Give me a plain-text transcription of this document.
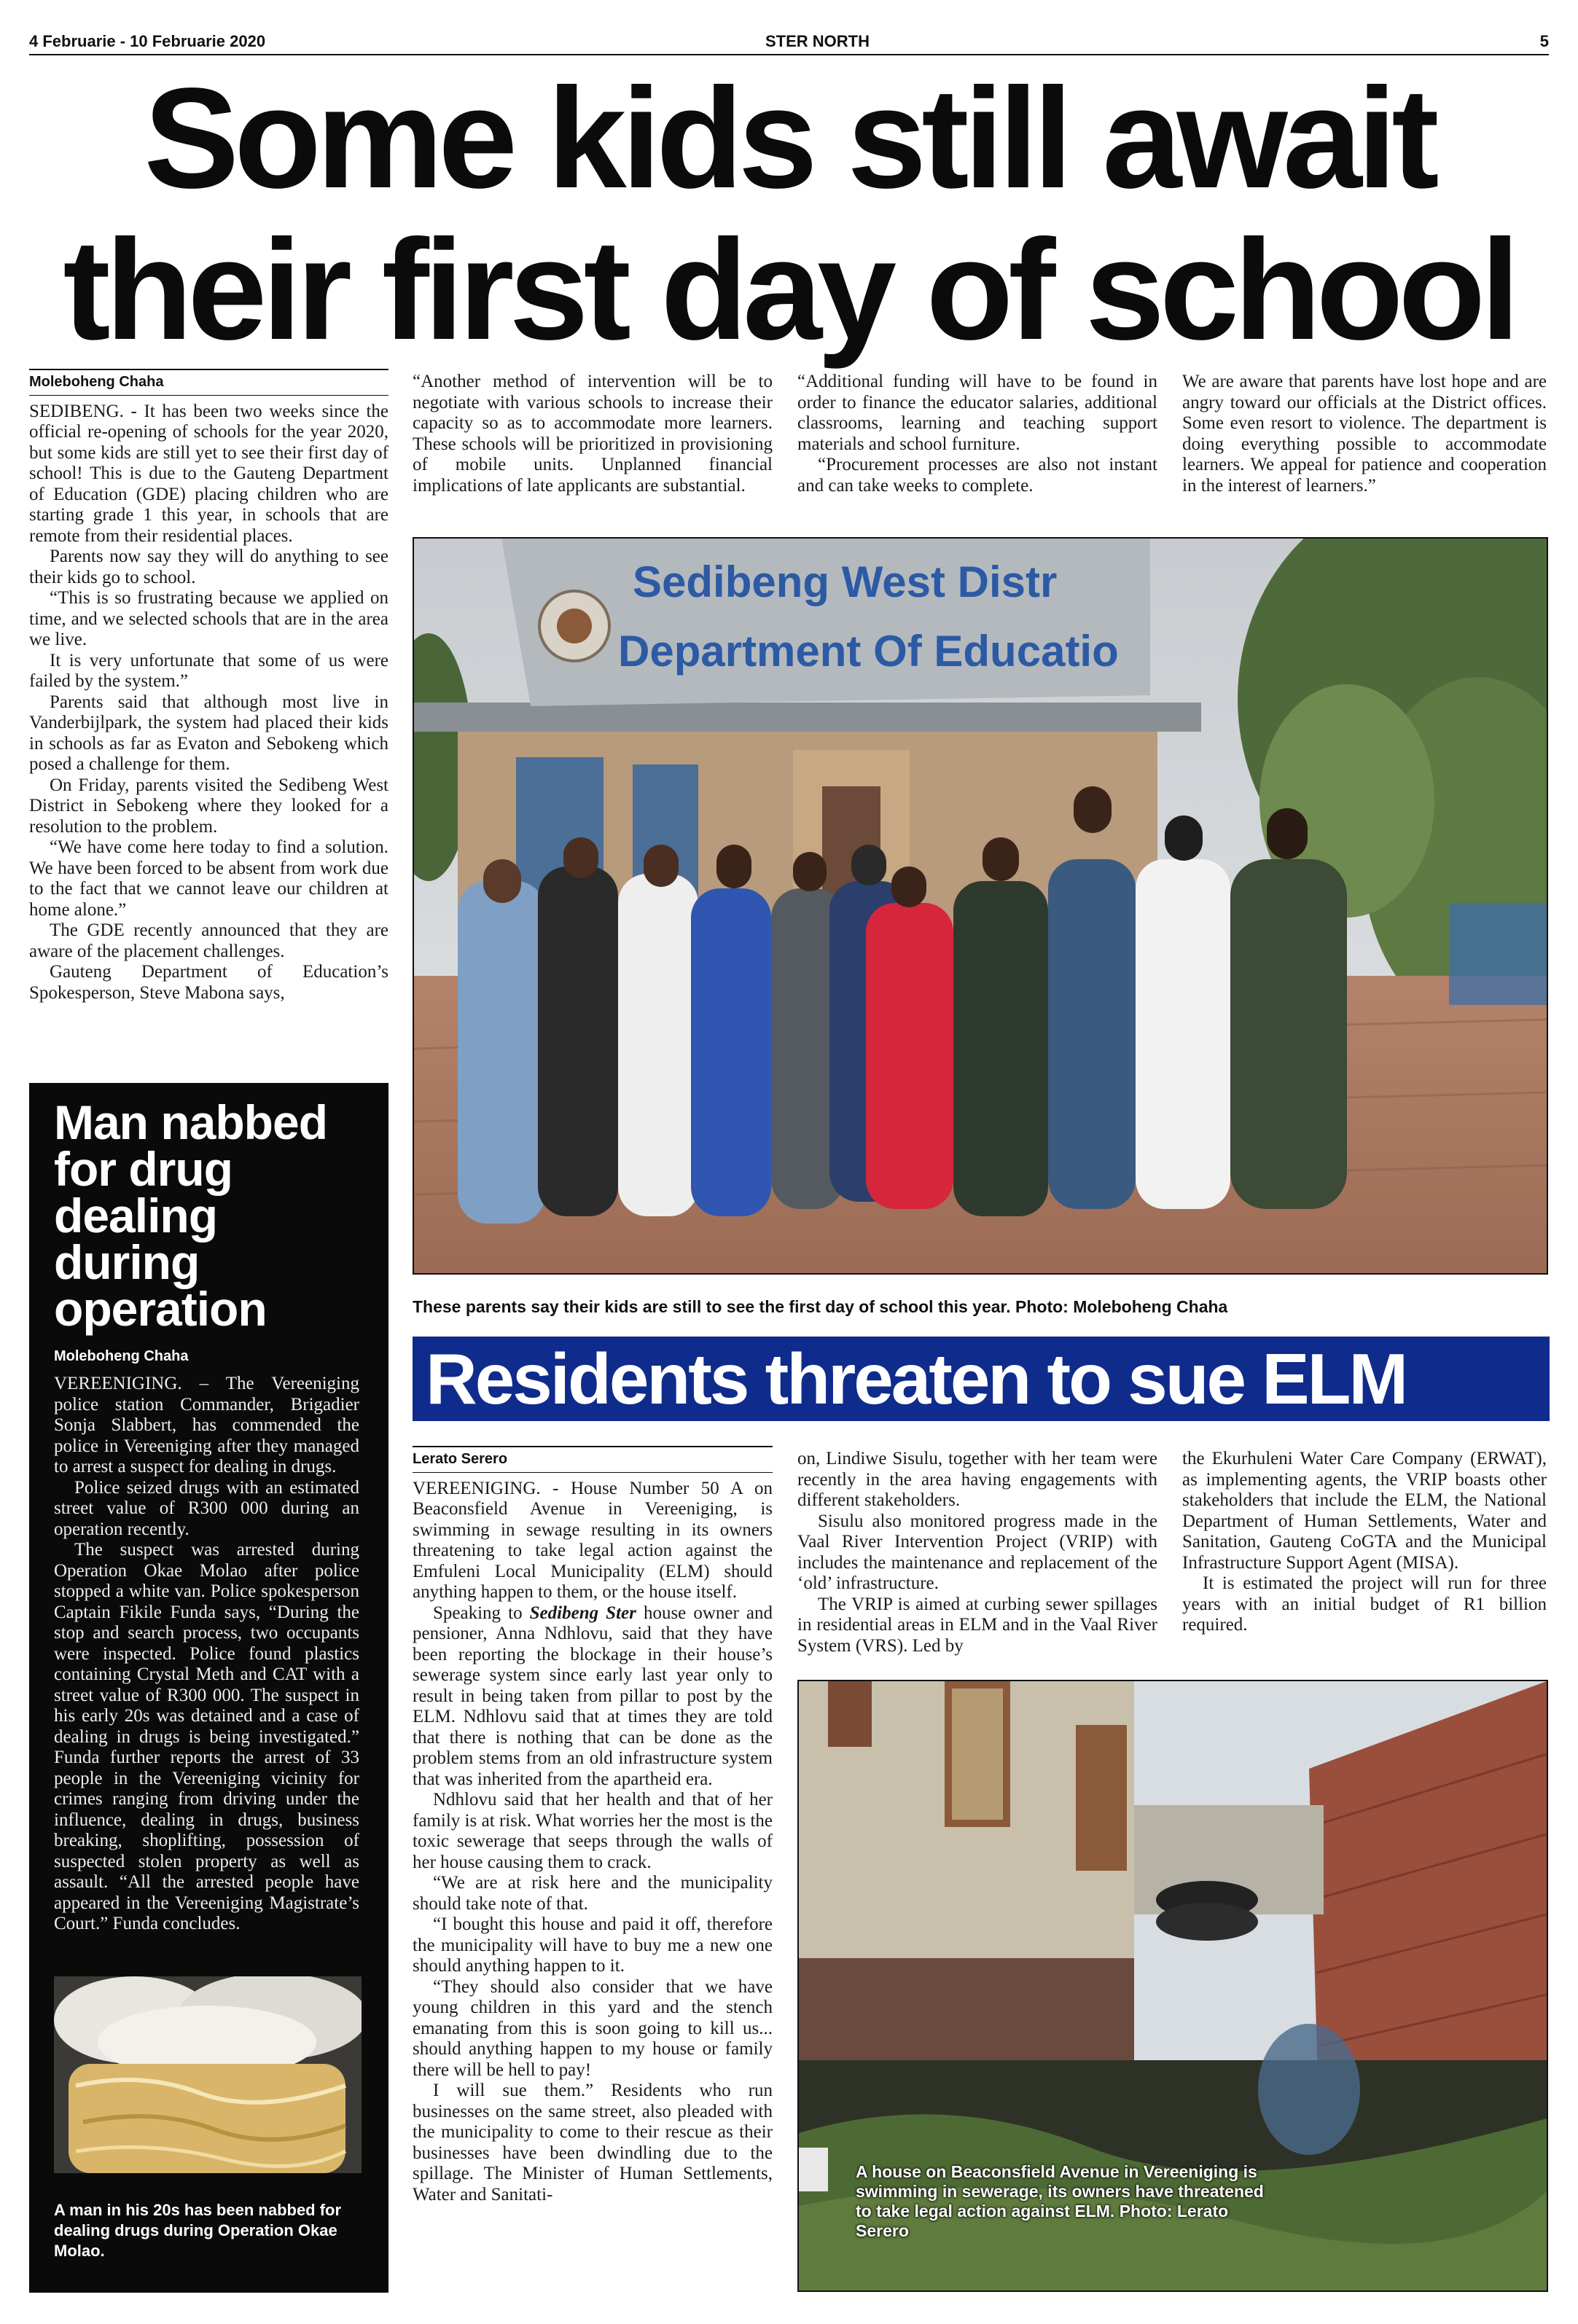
4 Februarie - 10 Februarie 2020	STER NORTH	5
Some kids still await
their first day of school
Moleboheng Chaha

SEDIBENG. - It has been two weeks since the official re-opening of schools for the year 2020, but some kids are still yet to see their first day of school! This is due to the Gauteng Department of Education (GDE) placing children who are starting grade 1 this year, in schools that are remote from their residential places.

Parents now say they will do anything to see their kids go to school.

“This is so frustrating because we applied on time, and we selected schools that are in the area we live.

It is very unfortunate that some of us were failed by the system.”

Parents said that although most live in Vanderbijlpark, the system had placed their kids in schools as far as Evaton and Sebokeng which posed a challenge for them.

On Friday, parents visited the Sedibeng West District in Sebokeng where they looked for a resolution to the problem.

“We have come here today to find a solution. We have been forced to be absent from work due to the fact that we cannot leave our children at home alone.”

The GDE recently announced that they are aware of the placement challenges.

Gauteng Department of Education’s Spokesperson, Steve Mabona says,

“Another method of intervention will be to negotiate with various schools to increase their capacity so as to accommodate more learners. These schools will be prioritized in provisioning of mobile units. Unplanned financial implications of late applicants are substantial.

“Additional funding will have to be found in order to finance the educator salaries, additional classrooms, learning and teaching support materials and school furniture.

“Procurement processes are also not instant and can take weeks to complete.

We are aware that parents have lost hope and are angry toward our officials at the District offices. Some even resort to violence. The department is doing everything possible to accommodate learners. We appeal for patience and cooperation in the interest of learners.”

Sedibeng West Distr
Department Of Educatio
These parents say their kids are still to see the first day of school this year. Photo: Moleboheng Chaha
Man nabbed for drug dealing during operation
Moleboheng Chaha

VEREENIGING. – The Vereeniging police station Commander, Brigadier Sonja Slabbert, has commended the police in Vereeniging after they managed to arrest a suspect for dealing in drugs.

Police seized drugs with an estimated street value of R300 000 during an operation recently.

The suspect was arrested during Operation Okae Molao after police stopped a white van. Police spokesperson Captain Fikile Funda says, “During the stop and search process, two occupants were inspected. Police found plastics containing Crystal Meth and CAT with a street value of R300 000. The suspect in his early 20s was detained and a case of dealing in drugs is being investigated.” Funda further reports the arrest of 33 people in the Vereeniging vicinity for crimes ranging from driving under the influence, dealing in drugs, business breaking, shoplifting, possession of suspected stolen property as well as assault. “All the arrested people have appeared in the Vereeniging Magistrate’s Court.” Funda concludes.

A man in his 20s has been nabbed for dealing drugs during Operation Okae Molao.
Residents threaten to sue ELM
Lerato Serero

VEREENIGING. - House Number 50 A on Beaconsfield Avenue in Vereeniging, is swimming in sewage resulting in its owners threatening to take legal action against the Emfuleni Local Municipality (ELM) should anything happen to them, or the house itself.

Speaking to Sedibeng Ster house owner and pensioner, Anna Ndhlovu, said that they have been reporting the blockage in their house’s sewerage system since early last year only to result in being taken from pillar to post by the ELM. Ndhlovu said that at times they are told that there is nothing that can be done as the problem stems from an old infrastructure system that was inherited from the apartheid era.

Ndhlovu said that her health and that of her family is at risk. What worries her the most is the toxic sewerage that seeps through the walls of her house causing them to crack.

“We are at risk here and the municipality should take note of that.

“I bought this house and paid it off, therefore the municipality will have to buy me a new one should anything happen to it.

“They should also consider that we have young children in this yard and the stench emanating from this is soon going to kill us... should anything happen to my house or family there will be hell to pay!

I will sue them.” Residents who run businesses on the same street, also pleaded with the municipality to come to their rescue as their businesses have been dwindling due to the spillage. The Minister of Human Settlements, Water and Sanitati-

on, Lindiwe Sisulu, together with her team were recently in the area having engagements with different stakeholders.

Sisulu also monitored progress made in the Vaal River Intervention Project (VRIP) with includes the maintenance and replacement of the ‘old’ infrastructure.

The VRIP is aimed at curbing sewer spillages in residential areas in ELM and in the Vaal River System (VRS). Led by

the Ekurhuleni Water Care Company (ERWAT), as implementing agents, the VRIP boasts other stakeholders that include the ELM, the National Department of Human Settlements, Water and Sanitation, Gauteng CoGTA and the Municipal Infrastructure Support Agent (MISA).

It is estimated the project will run for three years with an initial budget of R1 billion required.

A house on Beaconsfield Avenue in Vereeniging is swimming in sewerage, its owners have threatened to take legal action against ELM. Photo: Lerato Serero
